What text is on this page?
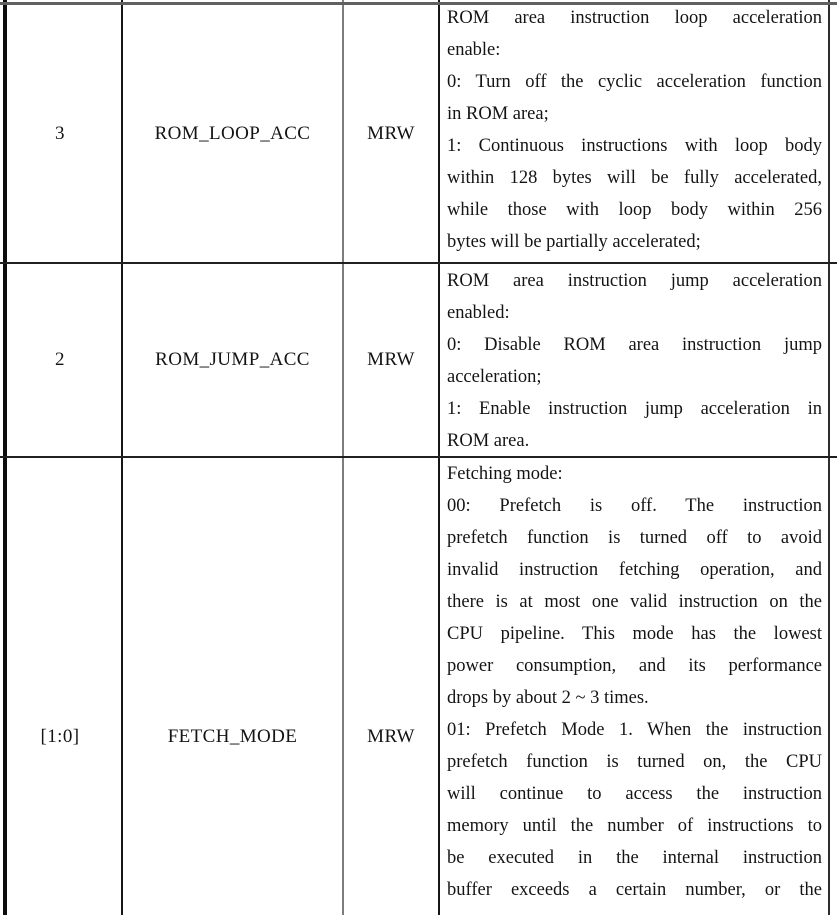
3	ROM_LOOP_ACC	MRW
ROM area instruction loop acceleration
enable:
0: Turn off the cyclic acceleration function
in ROM area;
1: Continuous instructions with loop body
within 128 bytes will be fully accelerated,
while those with loop body within 256
bytes will be partially accelerated;
2	ROM_JUMP_ACC	MRW
ROM area instruction jump acceleration
enabled:
0: Disable ROM area instruction jump
acceleration;
1: Enable instruction jump acceleration in
ROM area.
[1:0]	FETCH_MODE	MRW
Fetching mode:
00: Prefetch is off. The instruction
prefetch function is turned off to avoid
invalid instruction fetching operation, and
there is at most one valid instruction on the
CPU pipeline. This mode has the lowest
power consumption, and its performance
drops by about 2 ~ 3 times.
01: Prefetch Mode 1. When the instruction
prefetch function is turned on, the CPU
will continue to access the instruction
memory until the number of instructions to
be executed in the internal instruction
buffer exceeds a certain number, or the
